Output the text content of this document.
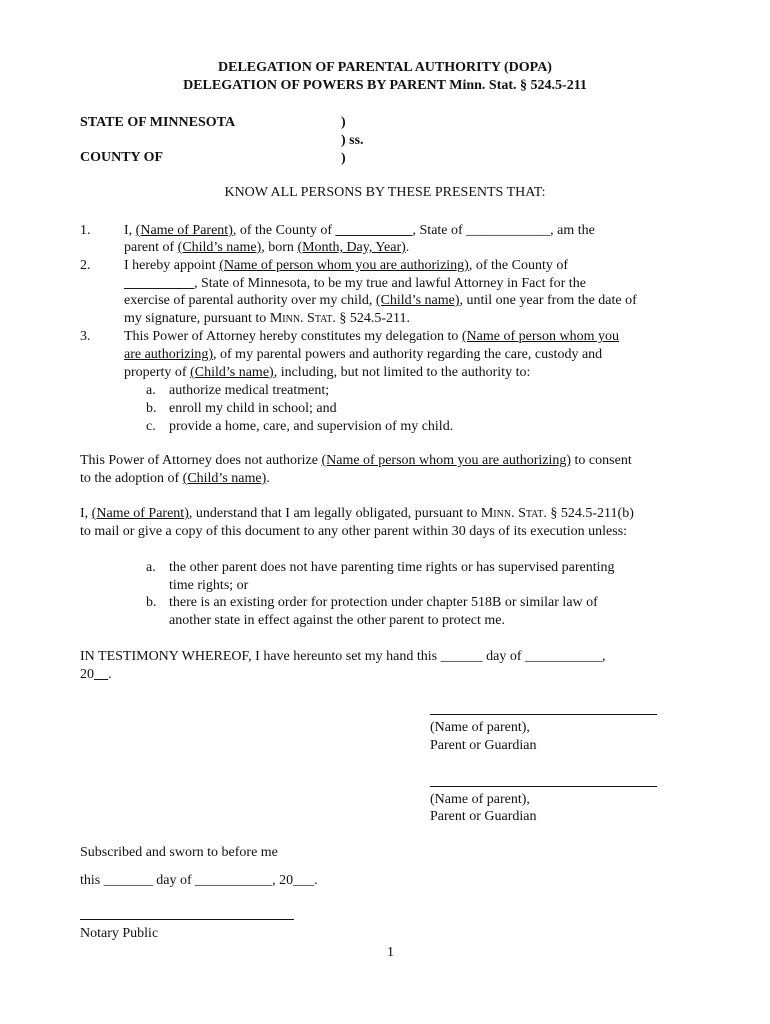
DELEGATION OF PARENTAL AUTHORITY (DOPA)
DELEGATION OF POWERS BY PARENT Minn. Stat. § 524.5-211
STATE OF MINNESOTA
COUNTY OF
)
) ss.
)
KNOW ALL PERSONS BY THESE PRESENTS THAT:
1. I, (Name of Parent), of the County of ___________, State of ____________, am the
parent of (Child’s name), born (Month, Day, Year).
2. I hereby appoint (Name of person whom you are authorizing), of the County of
__________, State of Minnesota, to be my true and lawful Attorney in Fact for the
exercise of parental authority over my child, (Child’s name), until one year from the date of
my signature, pursuant to Minn. Stat. § 524.5-211.
3. This Power of Attorney hereby constitutes my delegation to (Name of person whom you
are authorizing), of my parental powers and authority regarding the care, custody and
property of (Child’s name), including, but not limited to the authority to:
a. authorize medical treatment;
b. enroll my child in school; and
c. provide a home, care, and supervision of my child.
This Power of Attorney does not authorize (Name of person whom you are authorizing) to consent
to the adoption of (Child’s name).
I, (Name of Parent), understand that I am legally obligated, pursuant to Minn. Stat. § 524.5-211(b)
to mail or give a copy of this document to any other parent within 30 days of its execution unless:
a. the other parent does not have parenting time rights or has supervised parenting
time rights; or
b. there is an existing order for protection under chapter 518B or similar law of
another state in effect against the other parent to protect me.
IN TESTIMONY WHEREOF, I have hereunto set my hand this ______ day of ___________,
20__.
(Name of parent),
Parent or Guardian
(Name of parent),
Parent or Guardian
Subscribed and sworn to before me
this _______ day of ___________, 20___.
Notary Public
1
